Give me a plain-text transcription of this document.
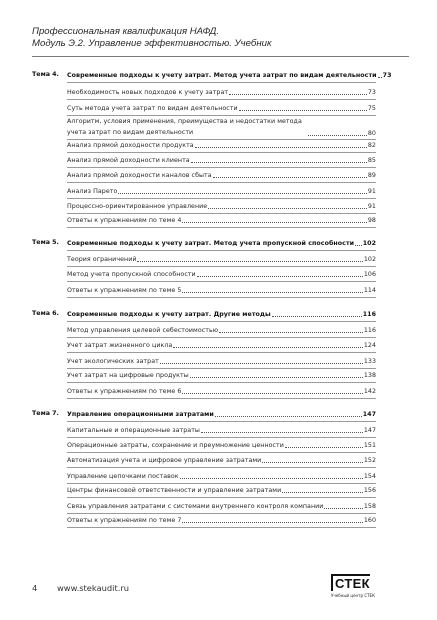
Профессиональная квалификация НАФД.
Модуль Э.2. Управление эффективностью. Учебник
Тема 4. Современные подходы к учету затрат. Метод учета затрат по видам деятельности 73
Необходимость новых подходов к учету затрат	73
Суть метода учета затрат по видам деятельности	75
Алгоритм, условия применения, преимущества и недостатки метода учета затрат по видам деятельности	80
Анализ прямой доходности продукта	82
Анализ прямой доходности клиента	85
Анализ прямой доходности каналов сбыта	89
Анализ Парето	91
Процессно-ориентированное управление	91
Ответы к упражнениям по теме 4	98
Тема 5. Современные подходы к учету затрат. Метод учета пропускной способности 102
Теория ограничений	102
Метод учета пропускной способности	106
Ответы к упражнениям по теме 5	114
Тема 6. Современные подходы к учету затрат. Другие методы	116
Метод управления целевой себестоимостью	116
Учет затрат жизненного цикла	124
Учет экологических затрат	133
Учет затрат на цифровые продукты	138
Ответы к упражнениям по теме 6	142
Тема 7. Управление операционными затратами	147
Капитальные и операционные затраты	147
Операционные затраты, сохранение и преумножение ценности	151
Автоматизация учета и цифровое управление затратами	152
Управление цепочками поставок	154
Центры финансовой ответственности и управление затратами	156
Связь управления затратами с системами внутреннего контроля компании	158
Ответы к упражнениям по теме 7	160
4 www.stekaudit.ru	СТЕК
Учебный центр СТЕК
